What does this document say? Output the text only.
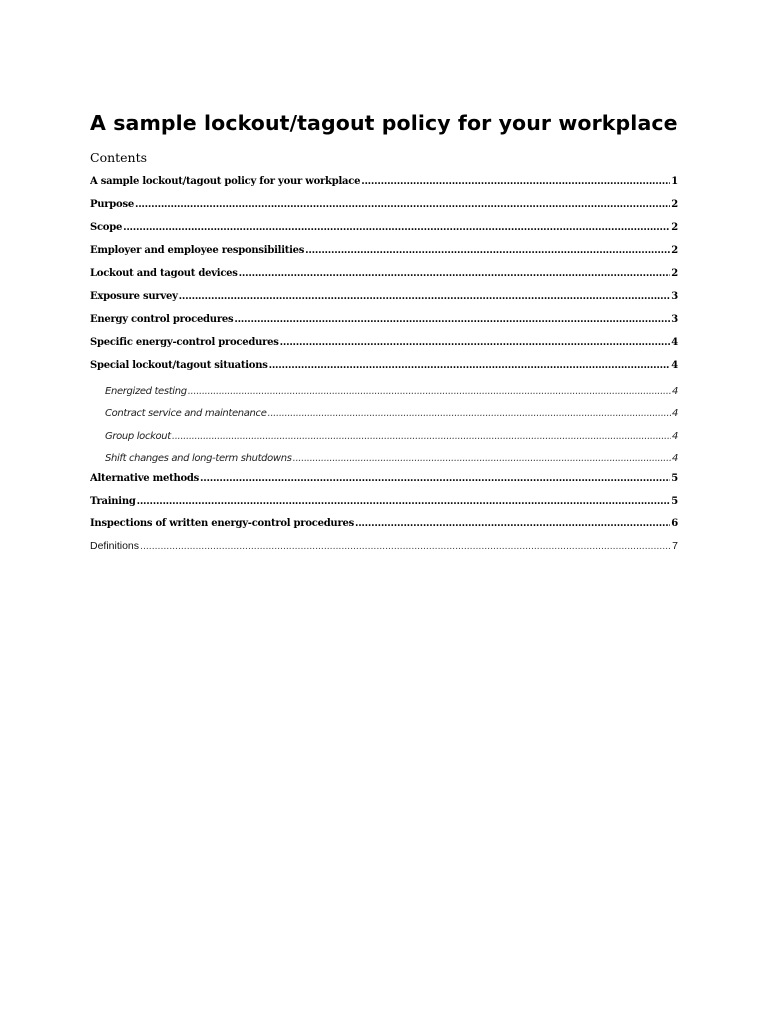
A sample lockout/tagout policy for your workplace
Contents
A sample lockout/tagout policy for your workplace .....	1
Purpose .....	2
Scope .....	2
Employer and employee responsibilities .....	2
Lockout and tagout devices .....	2
Exposure survey .....	3
Energy control procedures .....	3
Specific energy-control procedures .....	4
Special lockout/tagout situations .....	4
Energized testing .....	4
Contract service and maintenance .....	4
Group lockout .....	4
Shift changes and long-term shutdowns .....	4
Alternative methods .....	5
Training .....	5
Inspections of written energy-control procedures .....	6
Definitions .....	7
